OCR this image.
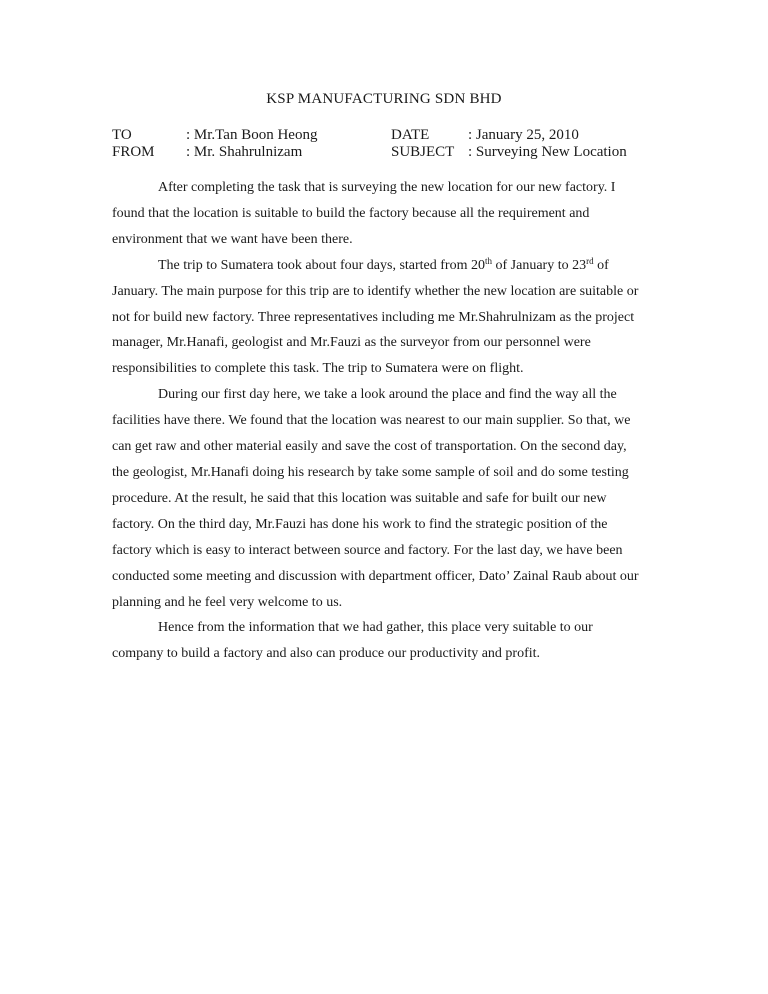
KSP MANUFACTURING SDN BHD
TO	: Mr.Tan Boon Heong	DATE	: January 25, 2010
FROM : Mr. Shahrulnizam	SUBJECT : Surveying New Location

After completing the task that is surveying the new location for our new factory. I found that the location is suitable to build the factory because all the requirement and environment that we want have been there.

The trip to Sumatera took about four days, started from 20th of January to 23rd of January. The main purpose for this trip are to identify whether the new location are suitable or not for build new factory. Three representatives including me Mr.Shahrulnizam as the project manager, Mr.Hanafi, geologist and Mr.Fauzi as the surveyor from our personnel were responsibilities to complete this task. The trip to Sumatera were on flight.

During our first day here, we take a look around the place and find the way all the facilities have there. We found that the location was nearest to our main supplier. So that, we can get raw and other material easily and save the cost of transportation. On the second day, the geologist, Mr.Hanafi doing his research by take some sample of soil and do some testing procedure. At the result, he said that this location was suitable and safe for built our new factory. On the third day, Mr.Fauzi has done his work to find the strategic position of the factory which is easy to interact between source and factory. For the last day, we have been conducted some meeting and discussion with department officer, Dato’ Zainal Raub about our planning and he feel very welcome to us.

Hence from the information that we had gather, this place very suitable to our company to build a factory and also can produce our productivity and profit.
